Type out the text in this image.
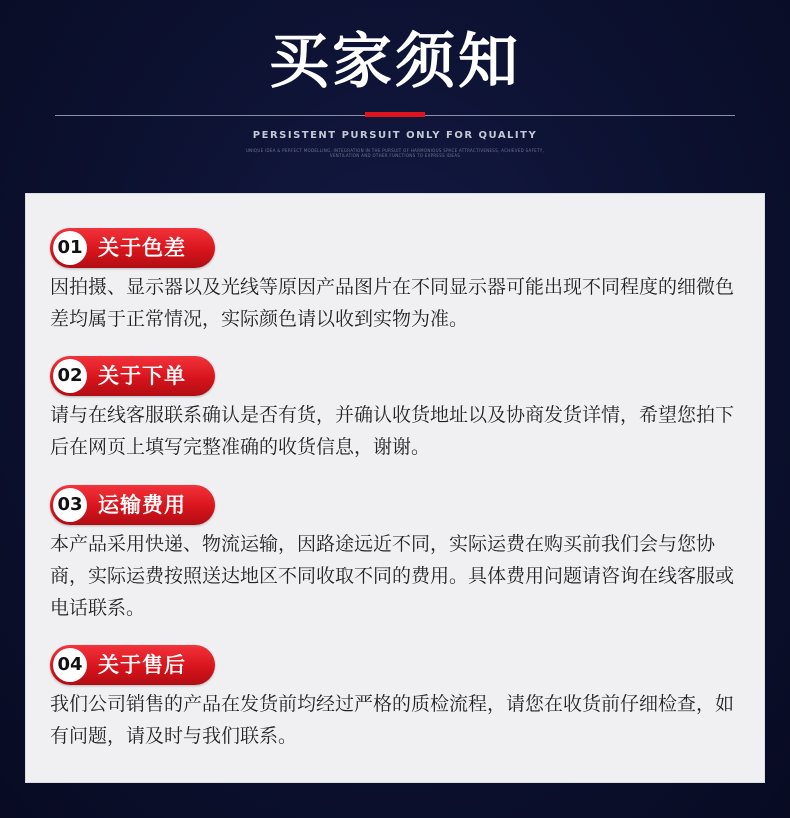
买家须知
PERSISTENT PURSUIT ONLY FOR QUALITY
UNIQUE IDEA & PERFECT MODELLING, INTEGRATION IN THE PURSUIT OF HARMONIOUS SPACE ATTRACTIVENESS, ACHIEVED SAFETY, VENTILATION AND OTHER FUNCTIONS TO EXPRESS IDEAS
01 关于色差

因拍摄、显示器以及光线等原因产品图片在不同显示器可能出现不同程度的细微色差均属于正常情况，实际颜色请以收到实物为准。

02 关于下单

请与在线客服联系确认是否有货，并确认收货地址以及协商发货详情，希望您拍下后在网页上填写完整准确的收货信息，谢谢。

03 运输费用

本产品采用快递、物流运输，因路途远近不同，实际运费在购买前我们会与您协商，实际运费按照送达地区不同收取不同的费用。具体费用问题请咨询在线客服或电话联系。

04 关于售后

我们公司销售的产品在发货前均经过严格的质检流程，请您在收货前仔细检查，如有问题，请及时与我们联系。
